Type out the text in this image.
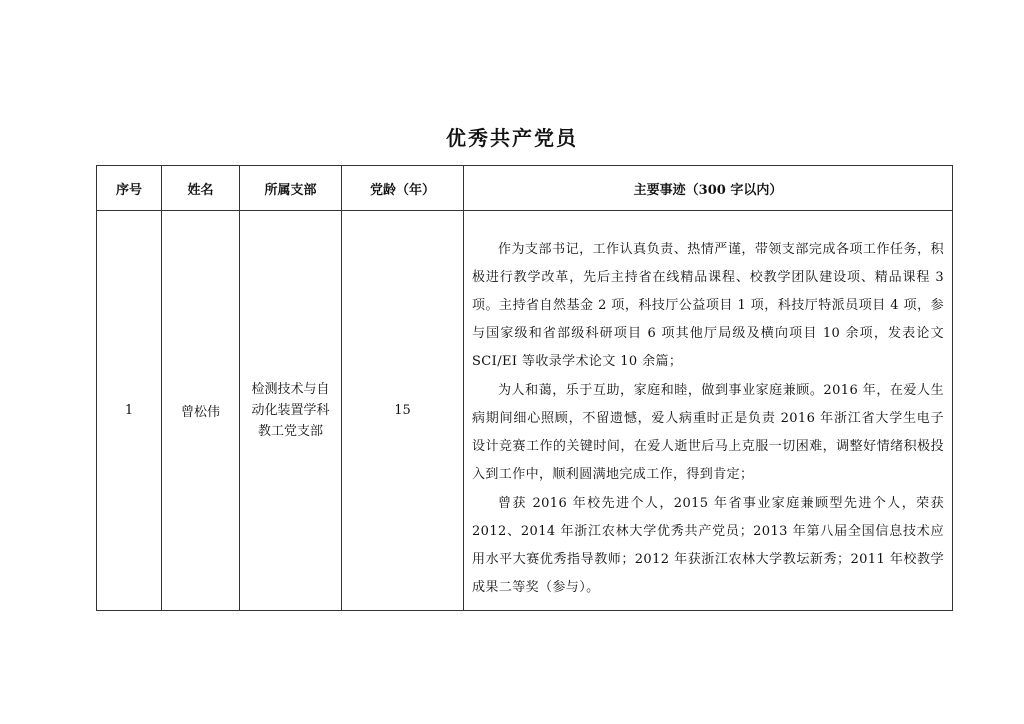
优秀共产党员
序号	姓名	所属支部	党龄（年）	主要事迹（300 字以内）
1	曾松伟	检测技术与自动化装置学科教工党支部	15	作为支部书记，工作认真负责、热情严谨，带领支部完成各项工作任务，积极进行教学改革，先后主持省在线精品课程、校教学团队建设项、精品课程 3 项。主持省自然基金 2 项，科技厅公益项目 1 项，科技厅特派员项目 4 项，参与国家级和省部级科研项目 6 项其他厅局级及横向项目 10 余项，发表论文 SCI/EI 等收录学术论文 10 余篇；

为人和蔼，乐于互助，家庭和睦，做到事业家庭兼顾。2016 年，在爱人生病期间细心照顾，不留遗憾，爱人病重时正是负责 2016 年浙江省大学生电子设计竞赛工作的关键时间，在爱人逝世后马上克服一切困难，调整好情绪积极投入到工作中，顺利圆满地完成工作，得到肯定；

曾获 2016 年校先进个人，2015 年省事业家庭兼顾型先进个人，荣获 2012、2014 年浙江农林大学优秀共产党员；2013 年第八届全国信息技术应用水平大赛优秀指导教师；2012 年获浙江农林大学教坛新秀；2011 年校教学成果二等奖（参与）。
